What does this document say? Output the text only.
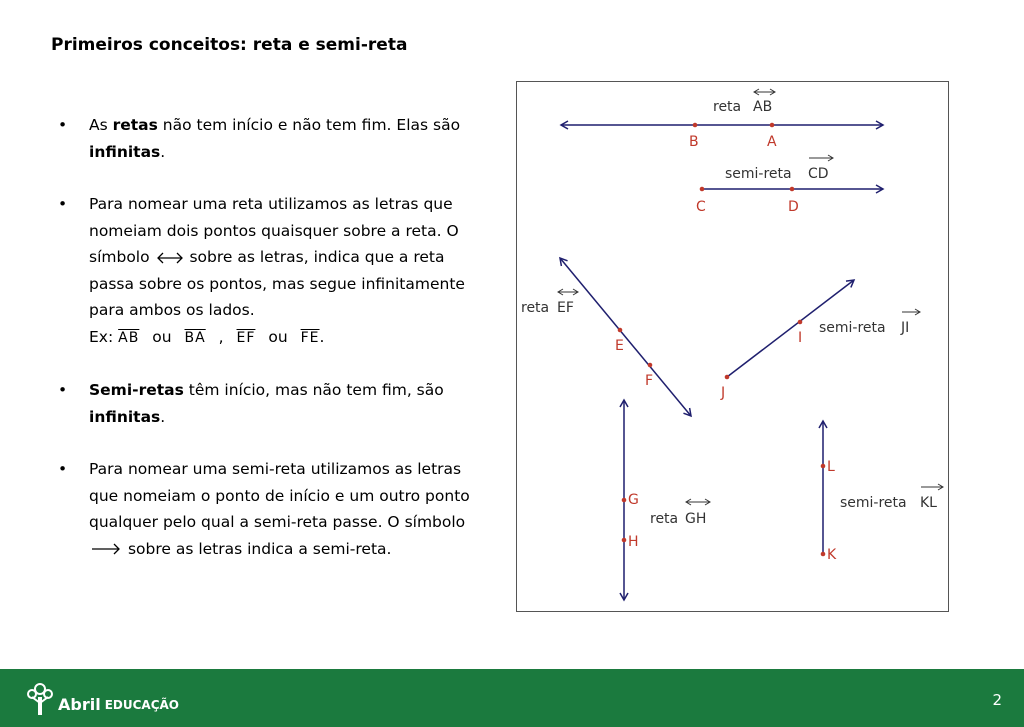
Primeiros conceitos: reta e semi-reta
• As retas não tem início e não tem fim. Elas são infinitas.
• Para nomear uma reta utilizamos as letras que nomeiam dois pontos quaisquer sobre a reta. O símbolo	sobre as letras, indica que a reta passa sobre os pontos, mas segue infinitamente para ambos os lados.
Ex: $\overline{AB}$ ou $\overline{BA}$ , $\overline{EF}$ ou $\overline{FE}$.
• Semi-retas têm início, mas não tem fim, são infinitas.
• Para nomear uma semi-reta utilizamos as letras que nomeiam o ponto de início e um outro ponto qualquer pelo qual a semi-reta passe. O símbolo  sobre as letras indica a semi-reta.
B	A
reta AB
C	D
semi-reta CD
E
F
reta EF
J
I
semi-reta JI
G
H
reta GH
K
L
semi-reta KL
Abril EDUCAÇÃO	2
